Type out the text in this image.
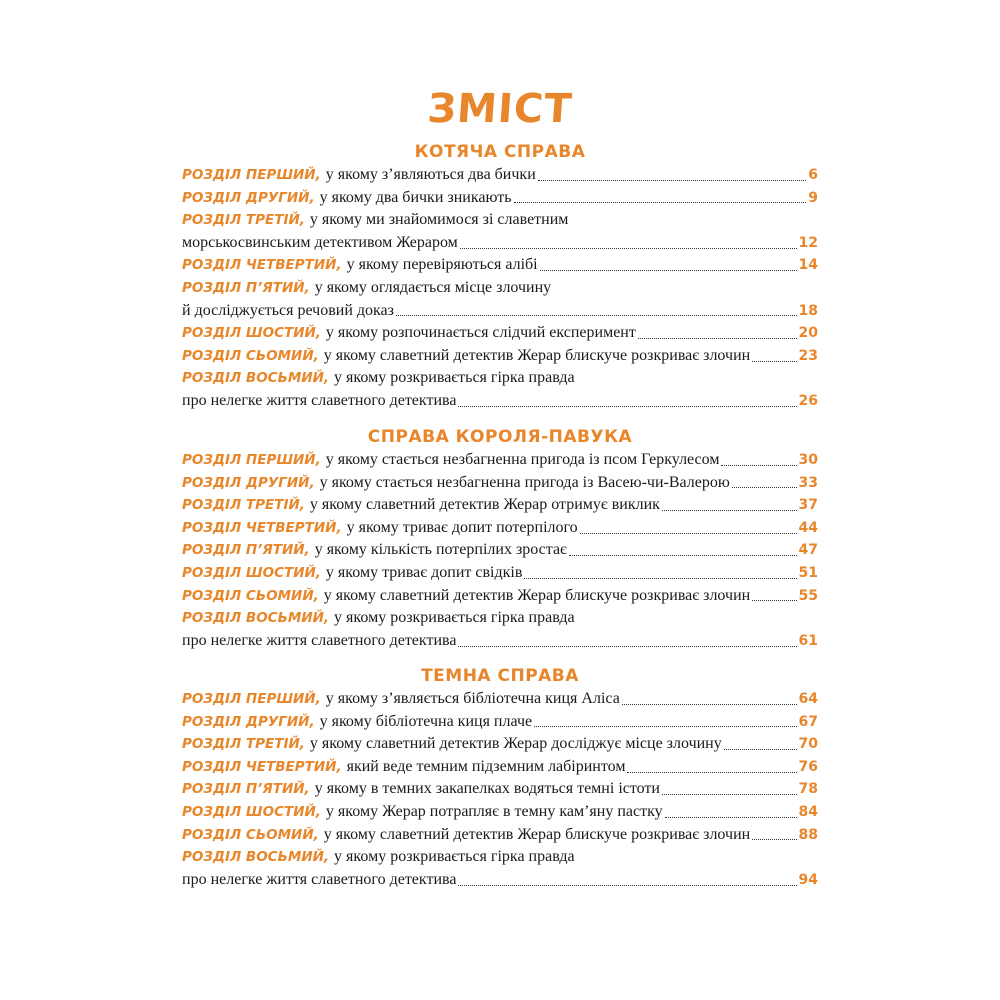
ЗМІСТ
КОТЯЧА СПРАВА
РОЗДІЛ ПЕРШИЙ, у якому з’являються два бички	6
РОЗДІЛ ДРУГИЙ, у якому два бички зникають	9
РОЗДІЛ ТРЕТІЙ, у якому ми знайомимося зі славетним
морськосвинським детективом Жераром	12
РОЗДІЛ ЧЕТВЕРТИЙ, у якому перевіряються алібі	14
РОЗДІЛ П’ЯТИЙ, у якому оглядається місце злочину
й досліджується речовий доказ	18
РОЗДІЛ ШОСТИЙ, у якому розпочинається слідчий експеримент	20
РОЗДІЛ СЬОМИЙ, у якому славетний детектив Жерар блискуче розкриває злочин	23
РОЗДІЛ ВОСЬМИЙ, у якому розкривається гірка правда
про нелегке життя славетного детектива	26
СПРАВА КОРОЛЯ-ПАВУКА
РОЗДІЛ ПЕРШИЙ, у якому стається незбагненна пригода із псом Геркулесом	30
РОЗДІЛ ДРУГИЙ, у якому стається незбагненна пригода із Васею-чи-Валерою	33
РОЗДІЛ ТРЕТІЙ, у якому славетний детектив Жерар отримує виклик	37
РОЗДІЛ ЧЕТВЕРТИЙ, у якому триває допит потерпілого	44
РОЗДІЛ П’ЯТИЙ, у якому кількість потерпілих зростає	47
РОЗДІЛ ШОСТИЙ, у якому триває допит свідків	51
РОЗДІЛ СЬОМИЙ, у якому славетний детектив Жерар блискуче розкриває злочин	55
РОЗДІЛ ВОСЬМИЙ, у якому розкривається гірка правда
про нелегке життя славетного детектива	61
ТЕМНА СПРАВА
РОЗДІЛ ПЕРШИЙ, у якому з’являється бібліотечна киця Аліса	64
РОЗДІЛ ДРУГИЙ, у якому бібліотечна киця плаче	67
РОЗДІЛ ТРЕТІЙ, у якому славетний детектив Жерар досліджує місце злочину	70
РОЗДІЛ ЧЕТВЕРТИЙ, який веде темним підземним лабіринтом	76
РОЗДІЛ П’ЯТИЙ, у якому в темних закапелках водяться темні істоти	78
РОЗДІЛ ШОСТИЙ, у якому Жерар потрапляє в темну кам’яну пастку	84
РОЗДІЛ СЬОМИЙ, у якому славетний детектив Жерар блискуче розкриває злочин	88
РОЗДІЛ ВОСЬМИЙ, у якому розкривається гірка правда
про нелегке життя славетного детектива	94
